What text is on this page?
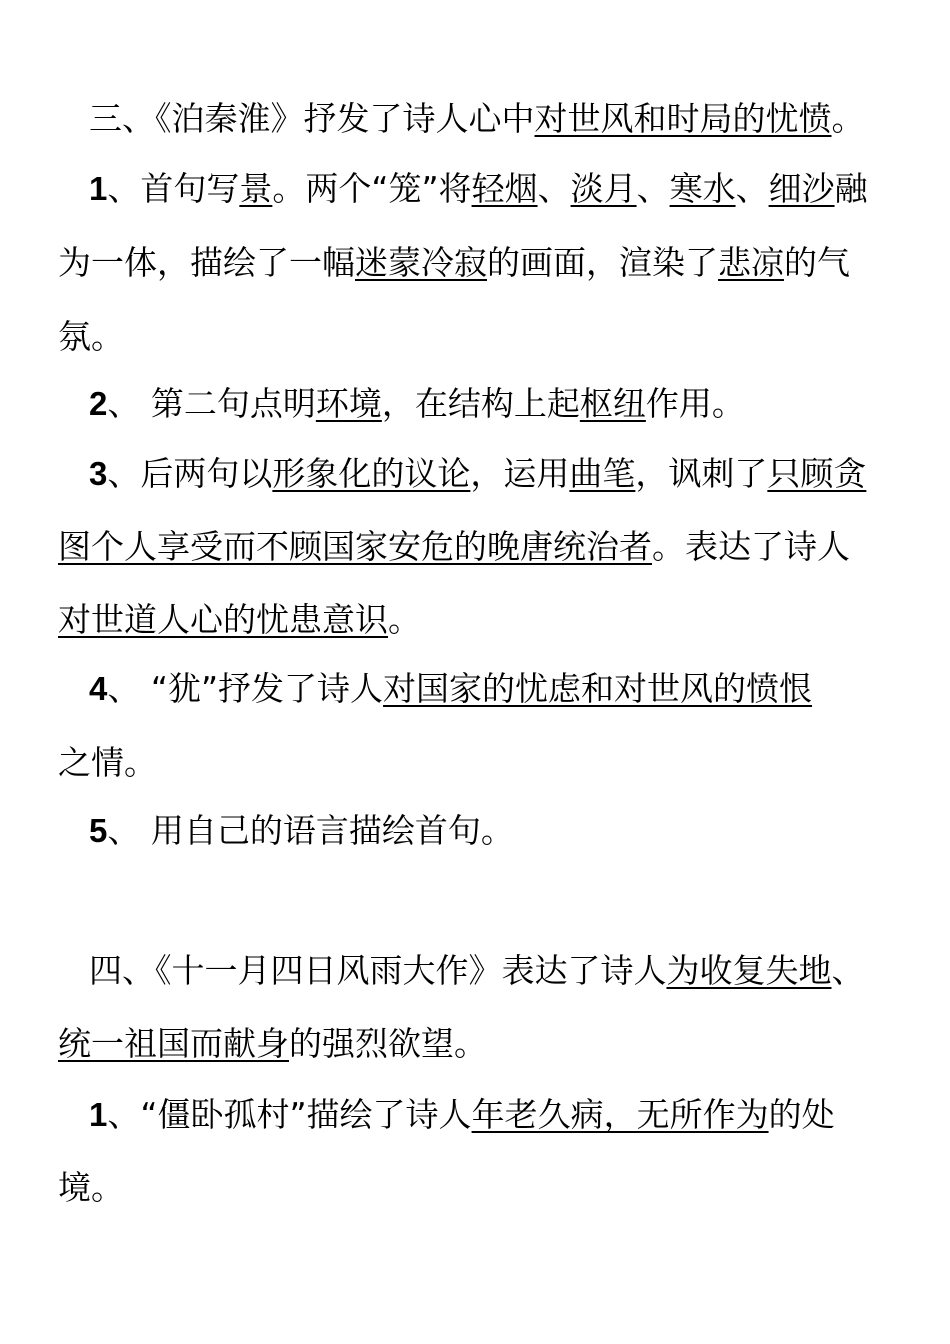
三、《泊秦淮》抒发了诗人心中对世风和时局的忧愤。
1、首句写景。两个“笼”将轻烟、淡月、寒水、细沙融
为一体，描绘了一幅迷蒙冷寂的画面，渲染了悲凉的气
氛。
2、 第二句点明环境，在结构上起枢纽作用。
3、后两句以形象化的议论，运用曲笔，讽刺了只顾贪
图个人享受而不顾国家安危的晚唐统治者。表达了诗人
对世道人心的忧患意识。
4、 “犹”抒发了诗人对国家的忧虑和对世风的愤恨
之情。
5、 用自己的语言描绘首句。
四、《十一月四日风雨大作》表达了诗人为收复失地、
统一祖国而献身的强烈欲望。
1、“僵卧孤村”描绘了诗人年老久病，无所作为的处
境。
